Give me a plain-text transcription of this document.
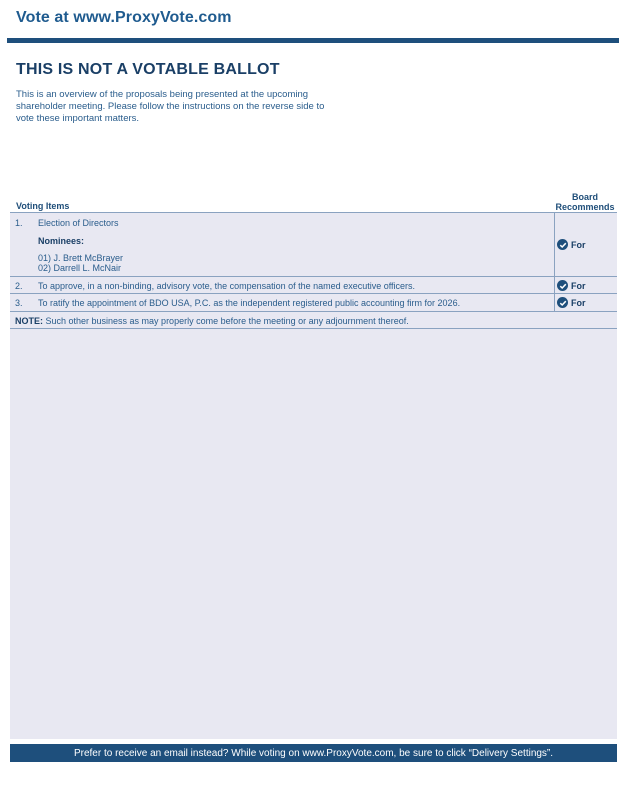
Vote at www.ProxyVote.com
THIS IS NOT A VOTABLE BALLOT
This is an overview of the proposals being presented at the upcoming shareholder meeting. Please follow the instructions on the reverse side to vote these important matters.
Voting Items
Board
Recommends
1. Election of Directors
Nominees:
01) J. Brett McBrayer
02) Darrell L. McNair
For
2. To approve, in a non-binding, advisory vote, the compensation of the named executive officers.	For
3. To ratify the appointment of BDO USA, P.C. as the independent registered public accounting firm for 2026.	For
NOTE: Such other business as may properly come before the meeting or any adjournment thereof.
Prefer to receive an email instead? While voting on www.ProxyVote.com, be sure to click “Delivery Settings”.
